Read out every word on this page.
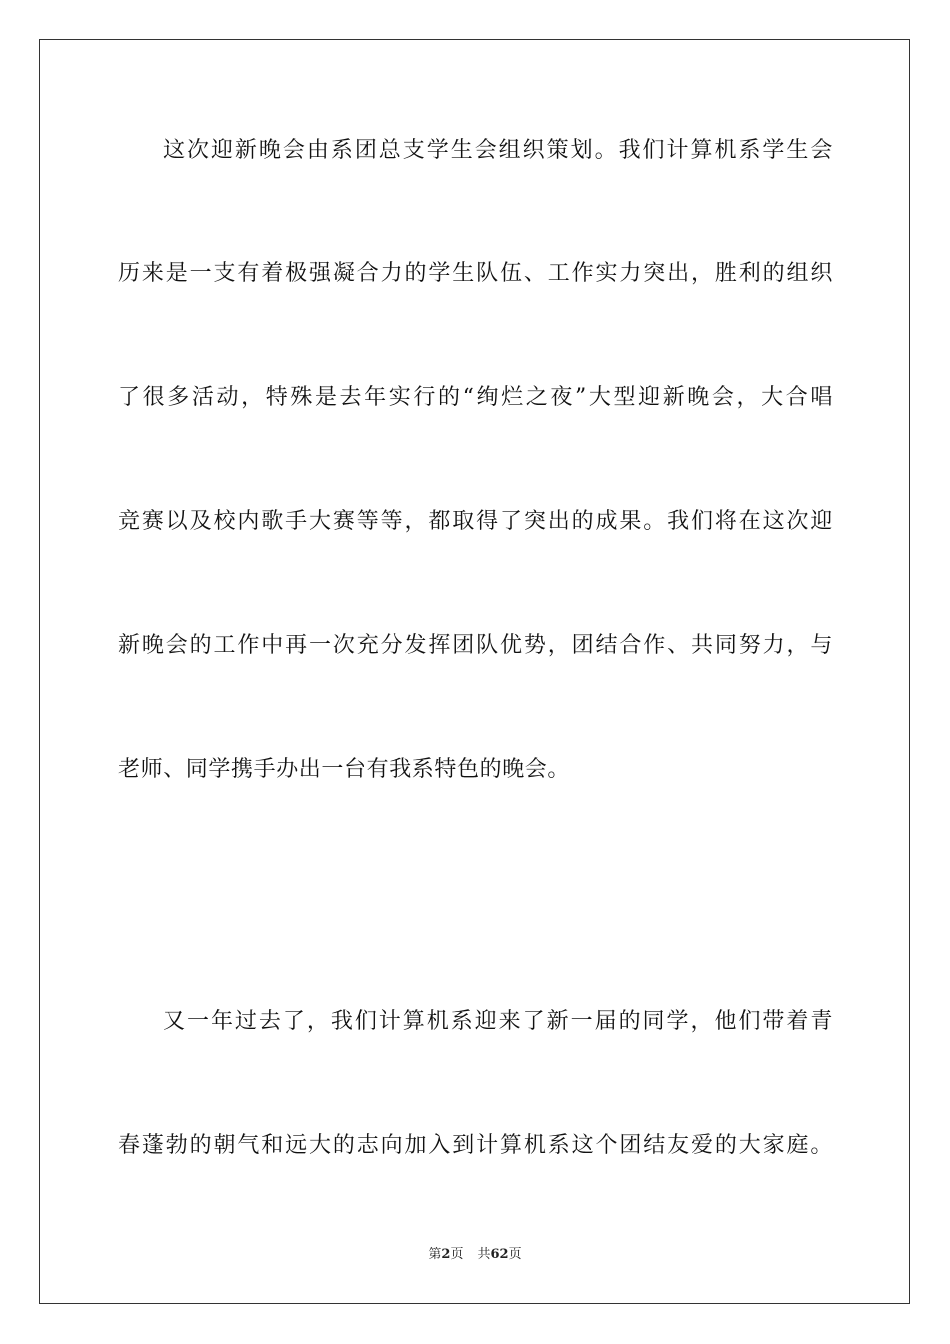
这次迎新晚会由系团总支学生会组织策划。我们计算机系学生会
历来是一支有着极强凝合力的学生队伍、工作实力突出，胜利的组织
了很多活动，特殊是去年实行的“绚烂之夜”大型迎新晚会，大合唱
竞赛以及校内歌手大赛等等，都取得了突出的成果。我们将在这次迎
新晚会的工作中再一次充分发挥团队优势，团结合作、共同努力，与
老师、同学携手办出一台有我系特色的晚会。
又一年过去了，我们计算机系迎来了新一届的同学，他们带着青
春蓬勃的朝气和远大的志向加入到计算机系这个团结友爱的大家庭。
第2页 共62页
